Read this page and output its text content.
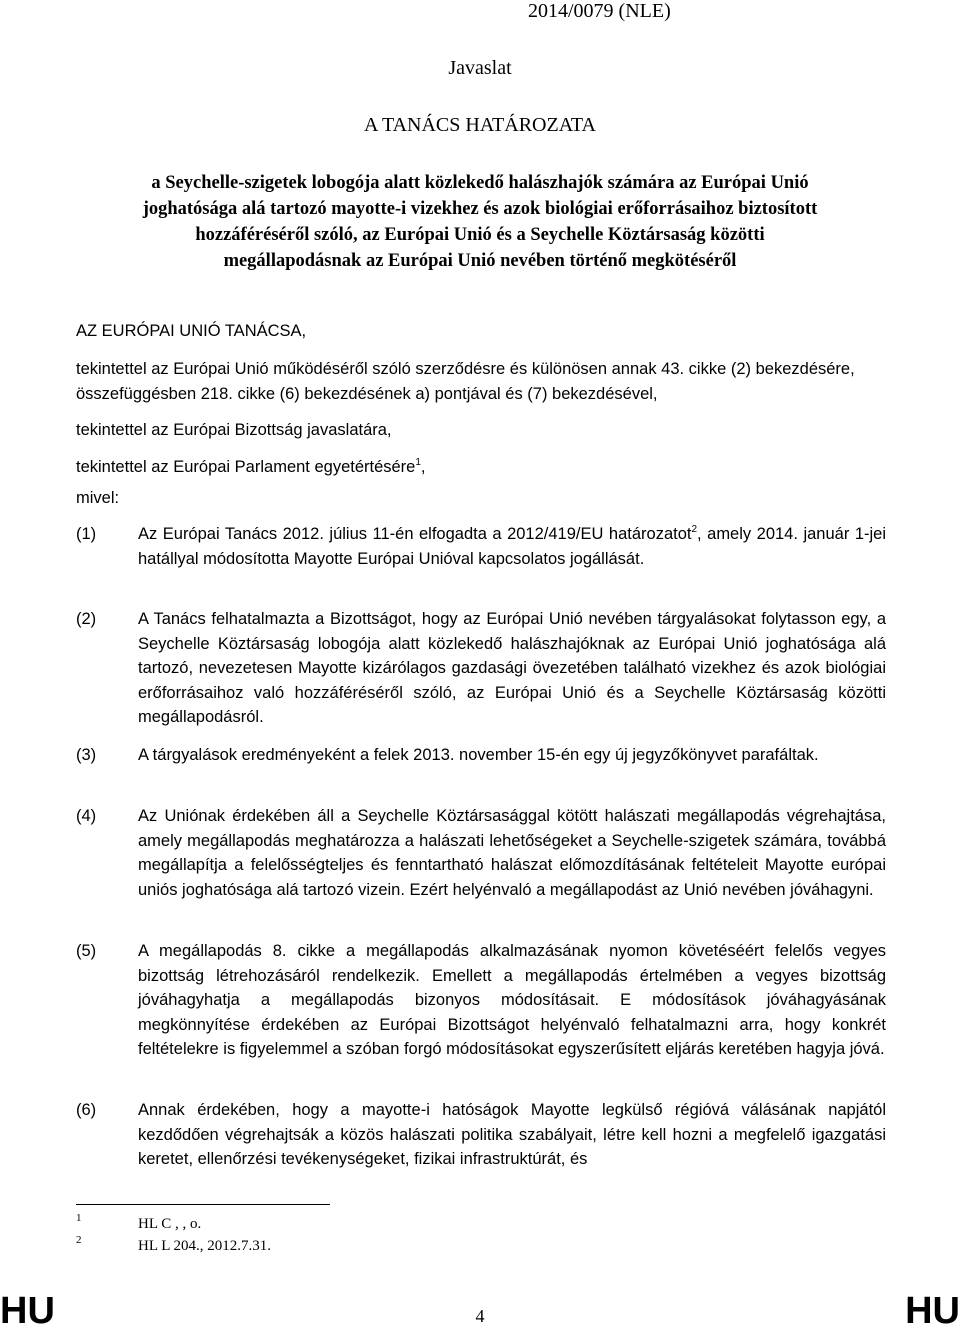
2014/0079 (NLE)
Javaslat
A TANÁCS HATÁROZATA
a Seychelle-szigetek lobogója alatt közlekedő halászhajók számára az Európai Unió
joghatósága alá tartozó mayotte-i vizekhez és azok biológiai erőforrásaihoz biztosított
hozzáféréséről szóló, az Európai Unió és a Seychelle Köztársaság közötti
megállapodásnak az Európai Unió nevében történő megkötéséről
AZ EURÓPAI UNIÓ TANÁCSA,
tekintettel az Európai Unió működéséről szóló szerződésre és különösen annak 43. cikke (2) bekezdésére, összefüggésben 218. cikke (6) bekezdésének a) pontjával és (7) bekezdésével,
tekintettel az Európai Bizottság javaslatára,
tekintettel az Európai Parlament egyetértésére$^1$,
mivel:
(1)	Az Európai Tanács 2012. július 11-én elfogadta a 2012/419/EU határozatot$^2$, amely 2014. január 1-jei hatállyal módosította Mayotte Európai Unióval kapcsolatos jogállását.
(2)	A Tanács felhatalmazta a Bizottságot, hogy az Európai Unió nevében tárgyalásokat folytasson egy, a Seychelle Köztársaság lobogója alatt közlekedő halászhajóknak az Európai Unió joghatósága alá tartozó, nevezetesen Mayotte kizárólagos gazdasági övezetében található vizekhez és azok biológiai erőforrásaihoz való hozzáféréséről szóló, az Európai Unió és a Seychelle Köztársaság közötti megállapodásról.
(3)	A tárgyalások eredményeként a felek 2013. november 15-én egy új jegyzőkönyvet parafáltak.
(4)	Az Uniónak érdekében áll a Seychelle Köztársasággal kötött halászati megállapodás végrehajtása, amely megállapodás meghatározza a halászati lehetőségeket a Seychelle-szigetek számára, továbbá megállapítja a felelősségteljes és fenntartható halászat előmozdításának feltételeit Mayotte európai uniós joghatósága alá tartozó vizein. Ezért helyénvaló a megállapodást az Unió nevében jóváhagyni.
(5)	A megállapodás 8. cikke a megállapodás alkalmazásának nyomon követéséért felelős vegyes bizottság létrehozásáról rendelkezik. Emellett a megállapodás értelmében a vegyes bizottság jóváhagyhatja a megállapodás bizonyos módosításait. E módosítások jóváhagyásának megkönnyítése érdekében az Európai Bizottságot helyénvaló felhatalmazni arra, hogy konkrét feltételekre is figyelemmel a szóban forgó módosításokat egyszerűsített eljárás keretében hagyja jóvá.
(6)	Annak érdekében, hogy a mayotte-i hatóságok Mayotte legkülső régióvá válásának napjától kezdődően végrehajtsák a közös halászati politika szabályait, létre kell hozni a megfelelő igazgatási keretet, ellenőrzési tevékenységeket, fizikai infrastruktúrát, és
1	HL C , , o.
2	HL L 204., 2012.7.31.
HU	4	HU
